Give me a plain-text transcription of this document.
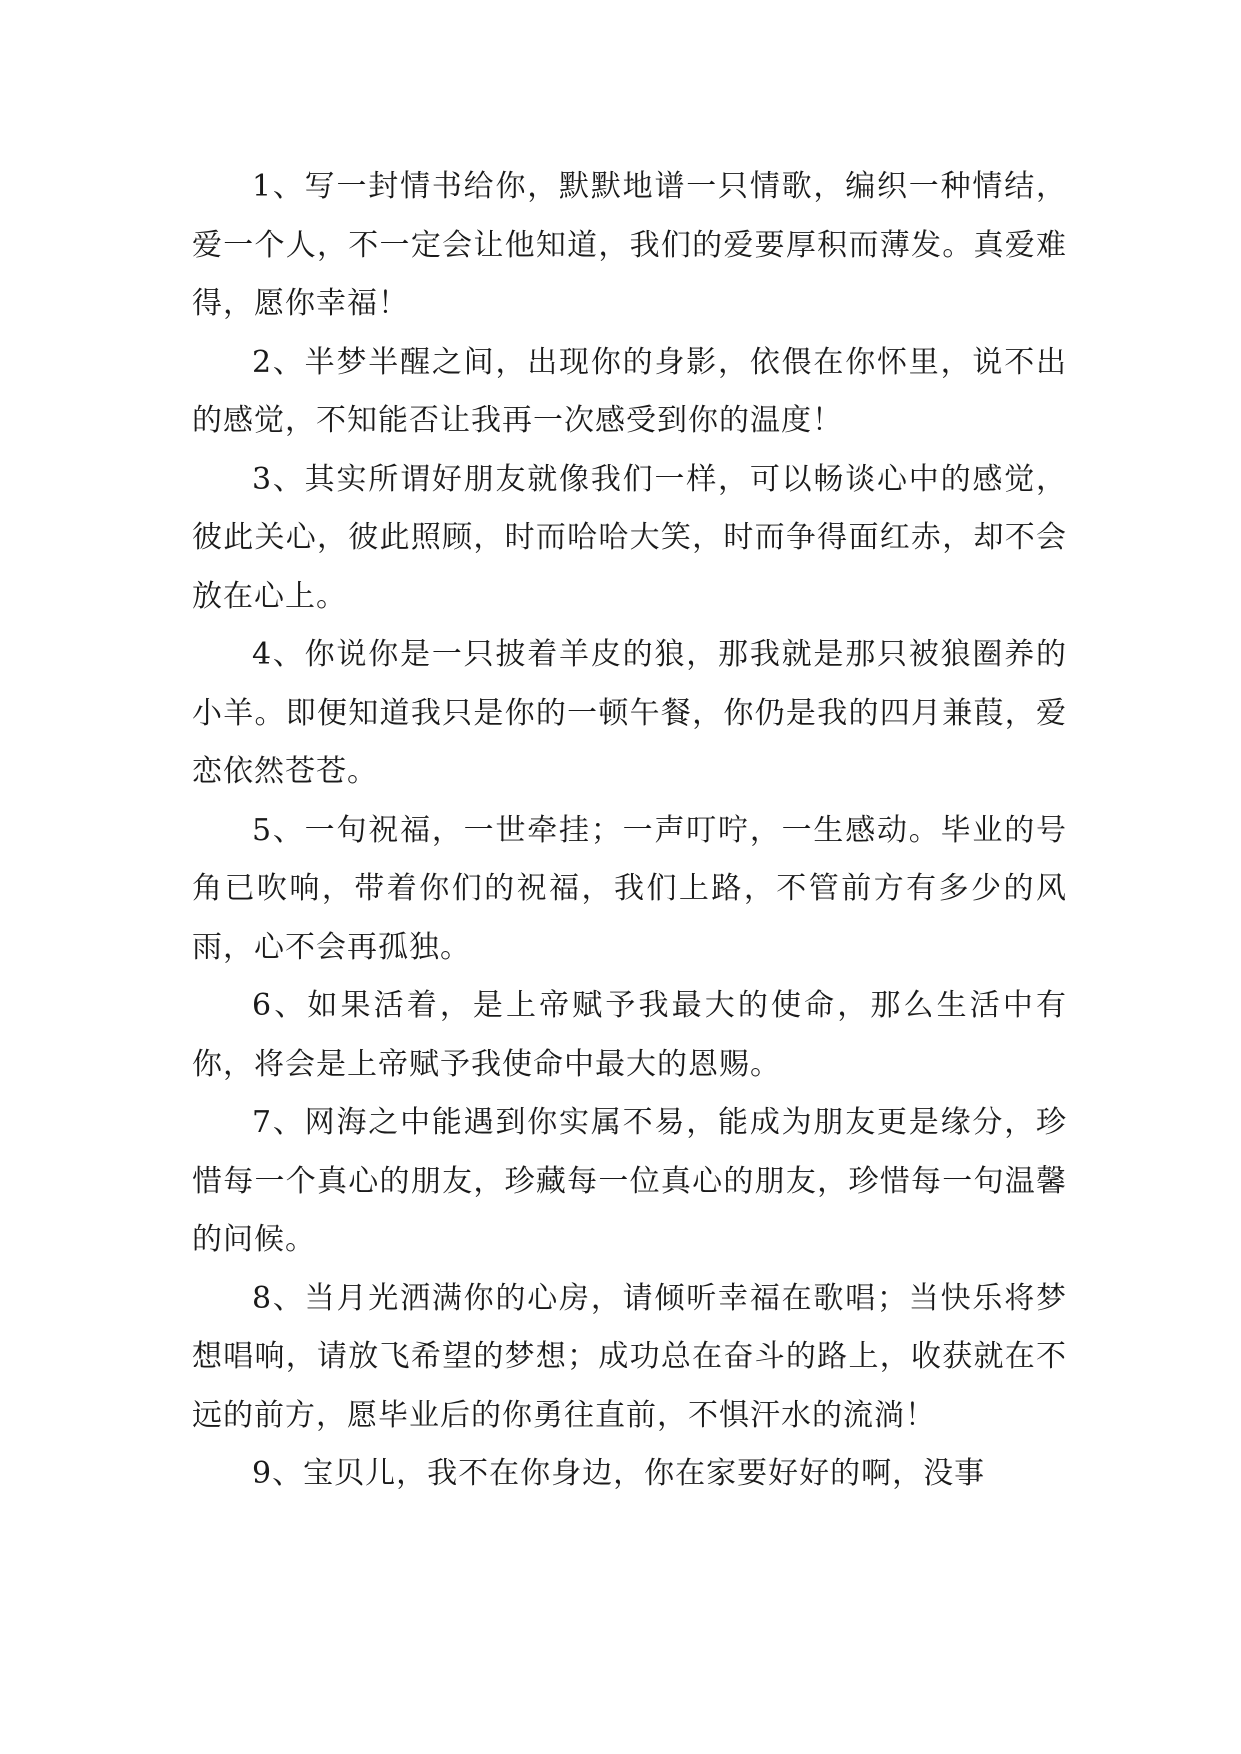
1、写一封情书给你，默默地谱一只情歌，编织一种情结，爱一个人，不一定会让他知道，我们的爱要厚积而薄发。真爱难得，愿你幸福！

2、半梦半醒之间，出现你的身影，依偎在你怀里，说不出的感觉，不知能否让我再一次感受到你的温度！

3、其实所谓好朋友就像我们一样，可以畅谈心中的感觉，彼此关心，彼此照顾，时而哈哈大笑，时而争得面红赤，却不会放在心上。

4、你说你是一只披着羊皮的狼，那我就是那只被狼圈养的小羊。即便知道我只是你的一顿午餐，你仍是我的四月兼葭，爱恋依然苍苍。

5、一句祝福，一世牵挂；一声叮咛，一生感动。毕业的号角已吹响，带着你们的祝福，我们上路，不管前方有多少的风雨，心不会再孤独。

6、如果活着，是上帝赋予我最大的使命，那么生活中有你，将会是上帝赋予我使命中最大的恩赐。

7、网海之中能遇到你实属不易，能成为朋友更是缘分，珍惜每一个真心的朋友，珍藏每一位真心的朋友，珍惜每一句温馨的问候。

8、当月光洒满你的心房，请倾听幸福在歌唱；当快乐将梦想唱响，请放飞希望的梦想；成功总在奋斗的路上，收获就在不远的前方，愿毕业后的你勇往直前，不惧汗水的流淌！

9、宝贝儿，我不在你身边，你在家要好好的啊，没事
